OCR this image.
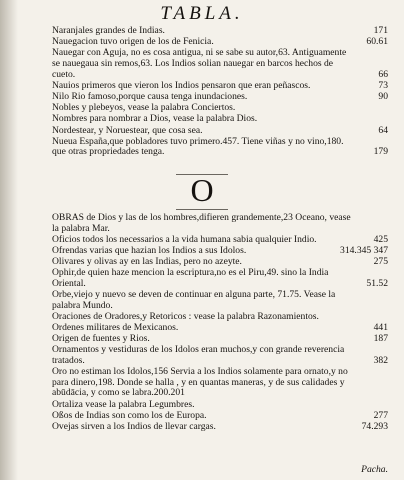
TABLA.
Naranjales grandes de Indias.	171
Nauegacion tuvo origen de los de Fenicia.	60.61
Nauegar con Aguja, no es cosa antigua, ni se sabe su autor,63. Antiguamente se nauegaua sin remos,63. Los Indios solian nauegar en barcos hechos de cueto.	66
Nauios primeros que vieron los Indios pensaron que eran peñascos.	73
Nilo Rio famoso,porque causa tenga inundaciones.	90
Nobles y plebeyos, vease la palabra Conciertos.
Nombres para nombrar a Dios, vease la palabra Dios.
Nordestear, y Noruestear, que cosa sea.	64
Nueua España,que pobladores tuvo primero.457. Tiene viñas y no vino,180. que otras propriedades tenga.	179
O
OBRAS de Dios y las de los hombres,difieren grandemente,23 Oceano, vease la palabra Mar.
Oficios todos los necessarios a la vida humana sabia qualquier Indio.	425
Ofrendas varias que hazian los Indios a sus Idolos.	314.345 347
Olivares y olivas ay en las Indias, pero no azeyte.	275
Ophir,de quien haze mencion la escriptura,no es el Piru,49. sino la India Oriental.	51.52
Orbe,viejo y nuevo se deven de continuar en alguna parte, 71.75. Vease la palabra Mundo.
Oraciones de Oradores,y Retoricos : vease la palabra Razonamientos.
Ordenes militares de Mexicanos.	441
Origen de fuentes y Rios.	187
Ornamentos y vestiduras de los Idolos eran muchos,y con grande reverencia tratados.	382
Oro no estiman los Idolos,156 Servia a los Indios solamente para ornato,y no para dinero,198. Donde se halla , y en quantas maneras, y de sus calidades y abūdācia, y como se labra.200.201
Ortaliza vease la palabra Legumbres.
Oßos de Indias son como los de Europa.	277
Ovejas sirven a los Indios de llevar cargas.	74.293
Pacha.
